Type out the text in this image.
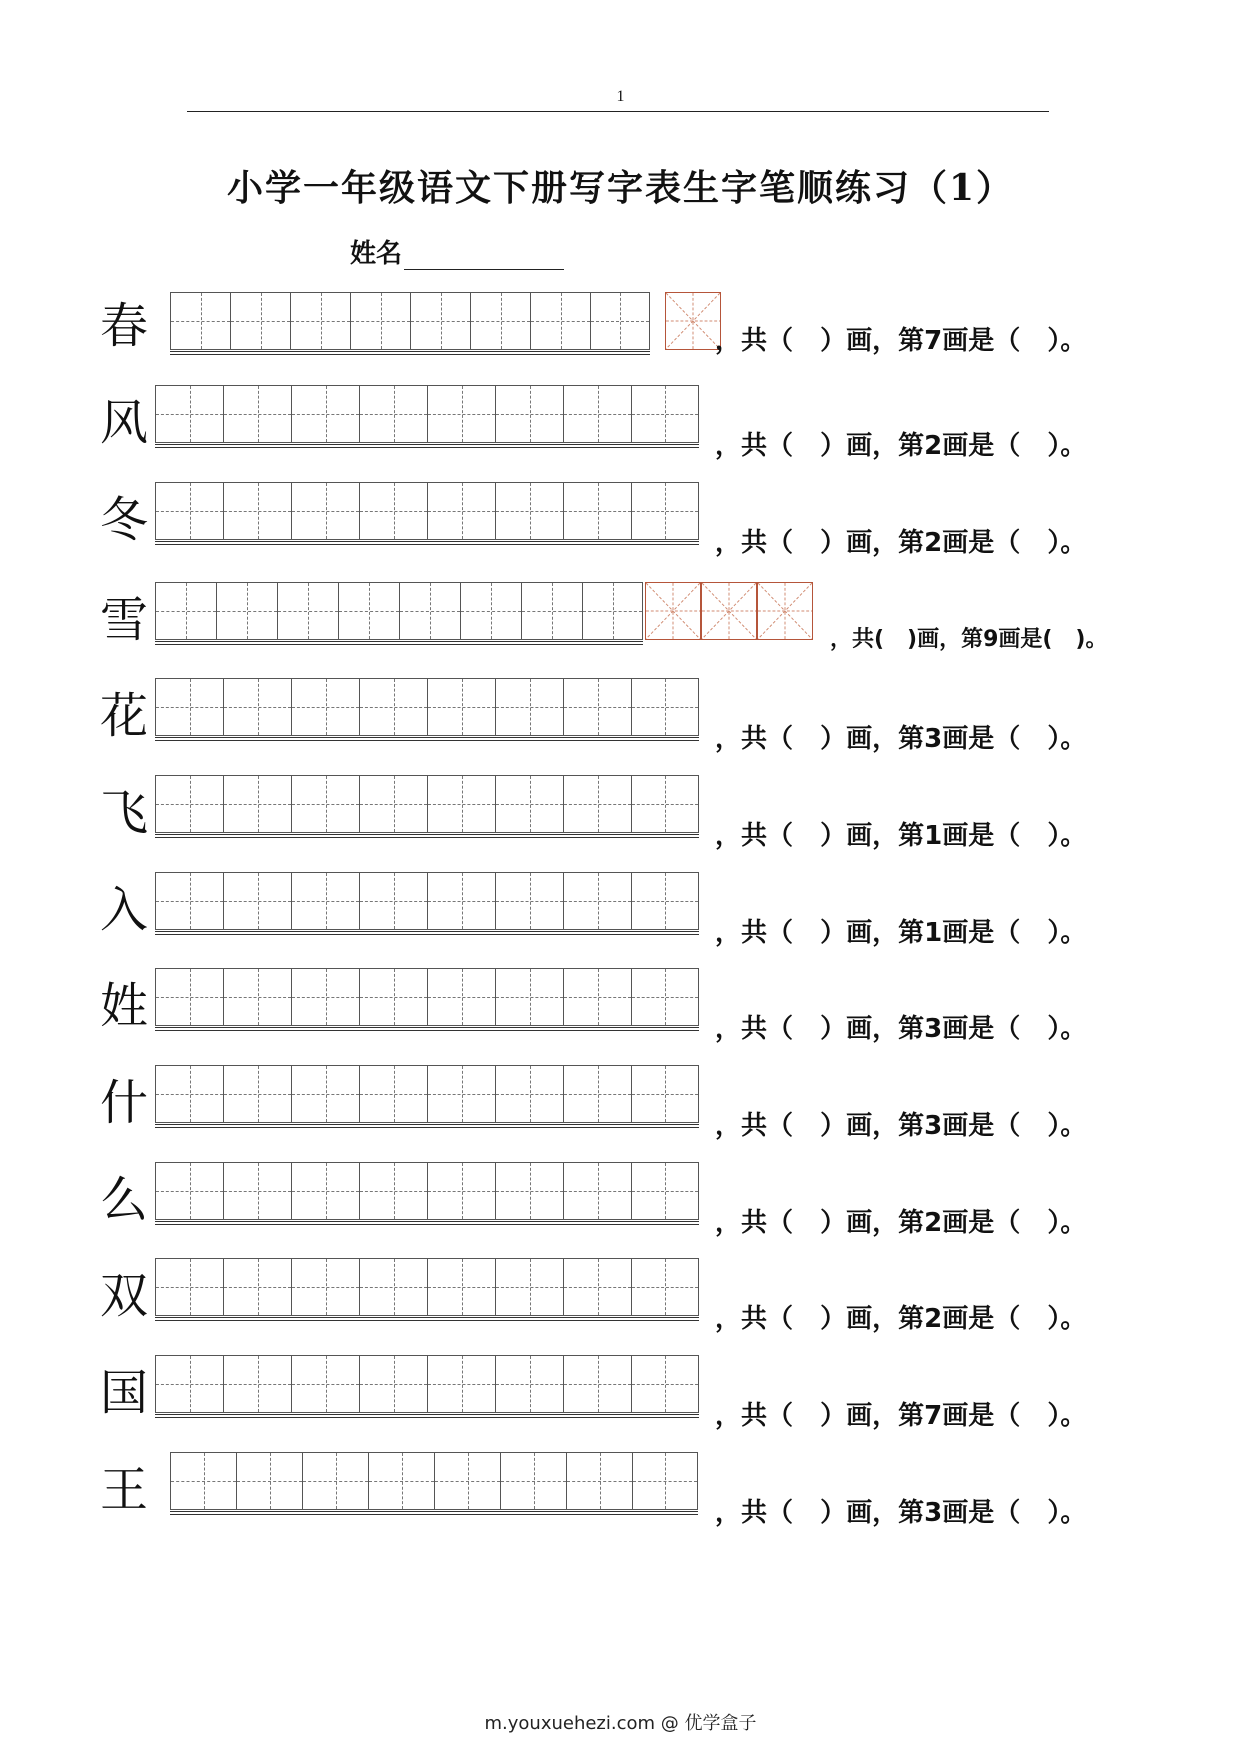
1
小学一年级语文下册写字表生字笔顺练习（1）
姓名
春	，共（   ）画，第7画是（   ）。
风	，共（   ）画，第2画是（   ）。
冬	，共（   ）画，第2画是（   ）。
雪	，共(   )画，第9画是(   )。
花	，共（   ）画，第3画是（   ）。
飞	，共（   ）画，第1画是（   ）。
入	，共（   ）画，第1画是（   ）。
姓	，共（   ）画，第3画是（   ）。
什	，共（   ）画，第3画是（   ）。
么	，共（   ）画，第2画是（   ）。
双	，共（   ）画，第2画是（   ）。
国	，共（   ）画，第7画是（   ）。
王	，共（   ）画，第3画是（   ）。
m.youxuehezi.com @ 优学盒子
